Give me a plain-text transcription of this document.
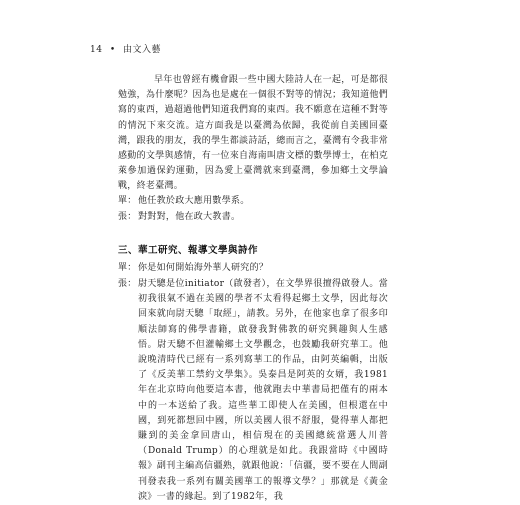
14 • 由文入藝
早年也曾經有機會跟一些中國大陸詩人在一起，可是都很勉強，為什麼呢？因為也是處在一個很不對等的情況；我知道他們寫的東西，過超過他們知道我們寫的東西。我不願意在這種不對等的情況下來交流。這方面我是以臺灣為依歸，我從前自美國回臺灣，跟我的朋友，我的學生都談詩話，總而言之，臺灣有令我非常感動的文學與感情，有一位來自海南叫唐文標的數學博士，在柏克萊參加過保釣運動，因為愛上臺灣就來到臺灣，參加鄉土文學論戰，終老臺灣。
單： 他任教於政大應用數學系。
張： 對對對，他在政大教書。
三、華工研究、報導文學與詩作
單： 你是如何開始海外華人研究的？
張： 尉天驄是位initiator（啟發者），在文學界很擅得啟發人。當初我很氣不過在美國的學者不太看得起鄉土文學，因此每次回來就向尉天驄「取經」，請教。另外，在他家也拿了很多印順法師寫的佛學書籍，啟發我對佛教的研究興趣與人生感悟。尉天驄不但灌輸鄉土文學觀念，也鼓勵我研究華工。他說晚清時代已經有一系列寫華工的作品，由阿英編輯，出版了《反美華工禁約文學集》。吳泰昌是阿英的女婿，我1981年在北京時向他要這本書，他就跑去中華書局把僅有的兩本中的一本送給了我。這些華工即使人在美國，但根還在中國，到死都想回中國，所以美國人很不舒服，覺得華人都把賺到的美金拿回唐山，相信現在的美國總統當選人川普（Donald Trump）的心理就是如此。我跟當時《中國時報》副刊主編高信疆熟，就跟他說：「信疆，要不要在人間副刊發表我一系列有關美國華工的報導文學？」那就是《黃金淚》一書的緣起。到了1982年，我
